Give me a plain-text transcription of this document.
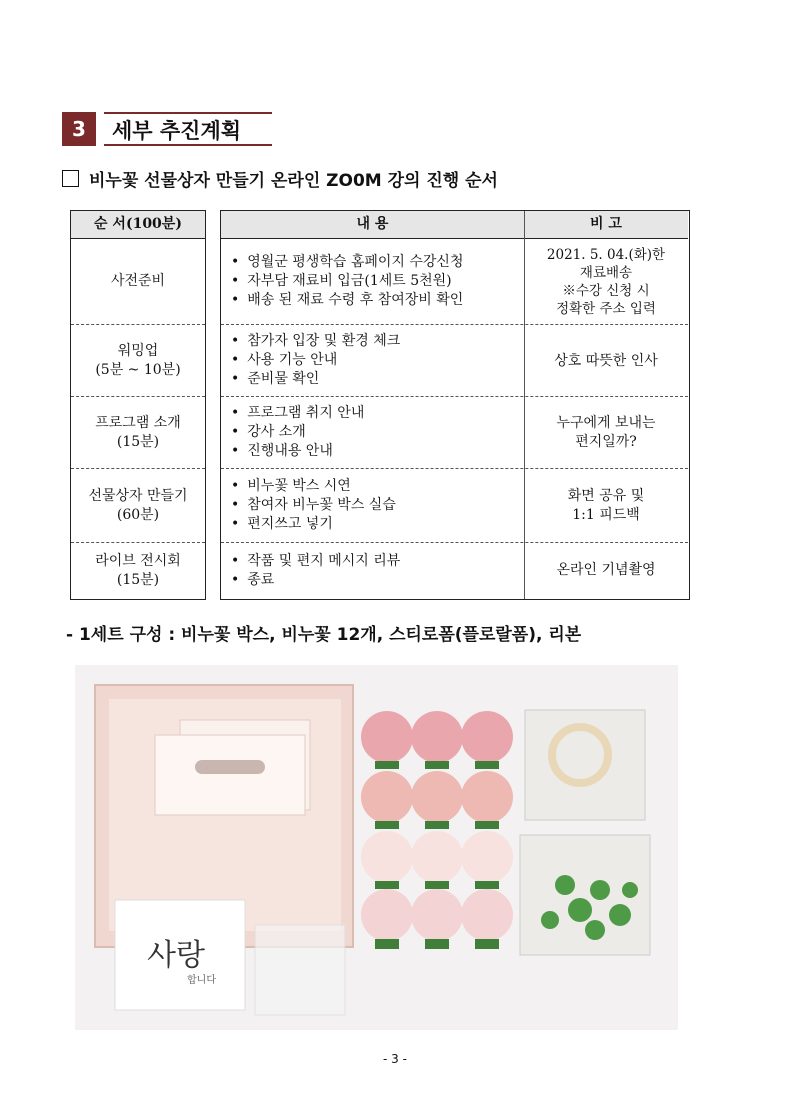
3	세부 추진계획
비누꽃 선물상자 만들기 온라인 ZO0M 강의 진행 순서
순 서(100분)
사전준비
워밍업
(5분 ~ 10분)
프로그램 소개
(15분)
선물상자 만들기
(60분)
라이브 전시회
(15분)
내 용	비 고
• 영월군 평생학습 홈페이지 수강신청
• 자부담 재료비 입금(1세트 5천원)
• 배송 된 재료 수령 후 참여장비 확인
2021. 5. 04.(화)한
재료배송
※수강 신청 시
정확한 주소 입력
• 참가자 입장 및 환경 체크
• 사용 기능 안내
• 준비물 확인
상호 따뜻한 인사
• 프로그램 취지 안내
• 강사 소개
• 진행내용 안내
누구에게 보내는
편지일까?
• 비누꽃 박스 시연
• 참여자 비누꽃 박스 실습
• 편지쓰고 넣기
화면 공유 및
1:1 피드백
• 작품 및 편지 메시지 리뷰
• 종료
온라인 기념촬영
- 1세트 구성 : 비누꽃 박스, 비누꽃 12개, 스티로폼(플로랄폼), 리본
사랑
합니다
- 3 -
